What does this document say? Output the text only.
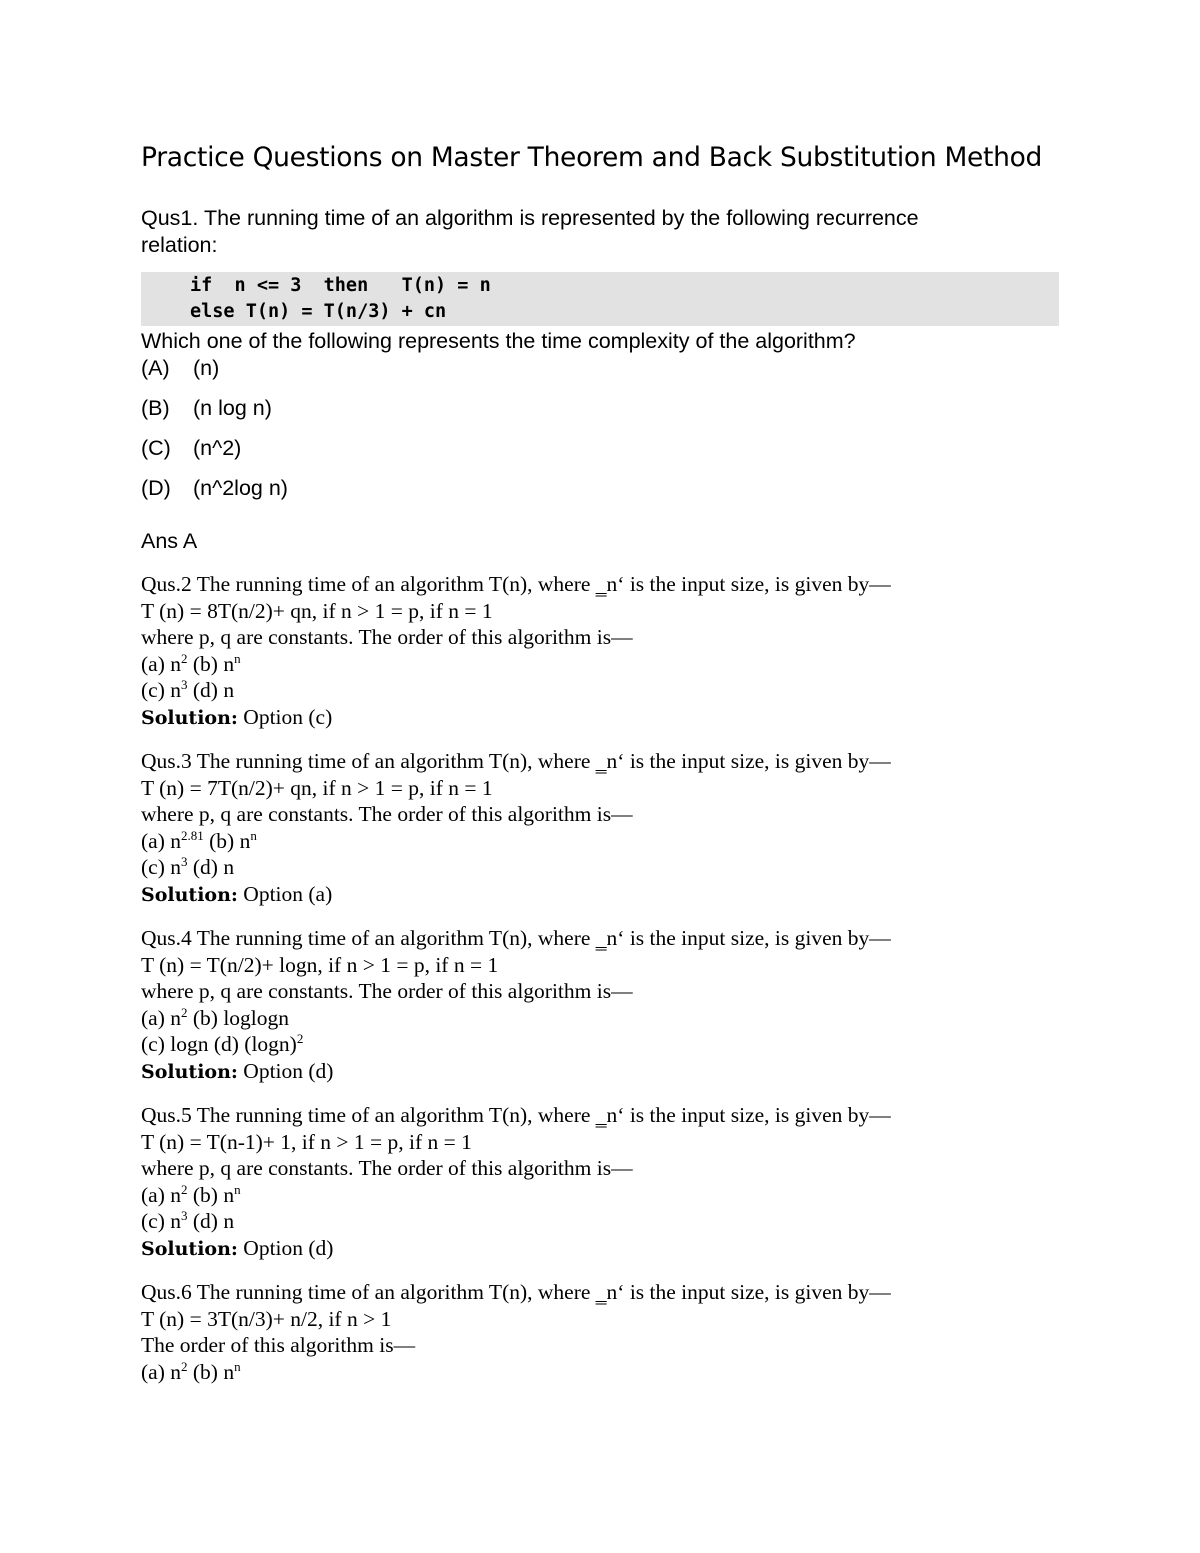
Practice Questions on Master Theorem and Back Substitution Method

Qus1. The running time of an algorithm is represented by the following recurrence

relation:

if  n <= 3  then   T(n) = n
else T(n) = T(n/3) + cn
Which one of the following represents the time complexity of the algorithm?
(A) (n)
(B) (n log n)
(C) (n^2)
(D) (n^2log n)
Ans A
Qus.2 The running time of an algorithm T(n), where ‗n‘ is the input size, is given by—
T (n) = 8T(n/2)+ qn, if n > 1 = p, if n = 1
where p, q are constants. The order of this algorithm is—
(a) $n^2$ (b) $n^n$
(c) $n^3$ (d) n
Solution: Option (c)
Qus.3 The running time of an algorithm T(n), where ‗n‘ is the input size, is given by—
T (n) = 7T(n/2)+ qn, if n > 1 = p, if n = 1
where p, q are constants. The order of this algorithm is—
(a) $n^{2.81}$ (b) $n^n$
(c) $n^3$ (d) n
Solution: Option (a)
Qus.4 The running time of an algorithm T(n), where ‗n‘ is the input size, is given by—
T (n) = T(n/2)+ logn, if n > 1 = p, if n = 1
where p, q are constants. The order of this algorithm is—
(a) $n^2$ (b) loglogn
(c) logn (d) $(\log n)^2$
Solution: Option (d)
Qus.5 The running time of an algorithm T(n), where ‗n‘ is the input size, is given by—
T (n) = T(n-1)+ 1, if n > 1 = p, if n = 1
where p, q are constants. The order of this algorithm is—
(a) $n^2$ (b) $n^n$
(c) $n^3$ (d) n
Solution: Option (d)
Qus.6 The running time of an algorithm T(n), where ‗n‘ is the input size, is given by—
T (n) = 3T(n/3)+ n/2, if n > 1
The order of this algorithm is—
(a) $n^2$ (b) $n^n$
